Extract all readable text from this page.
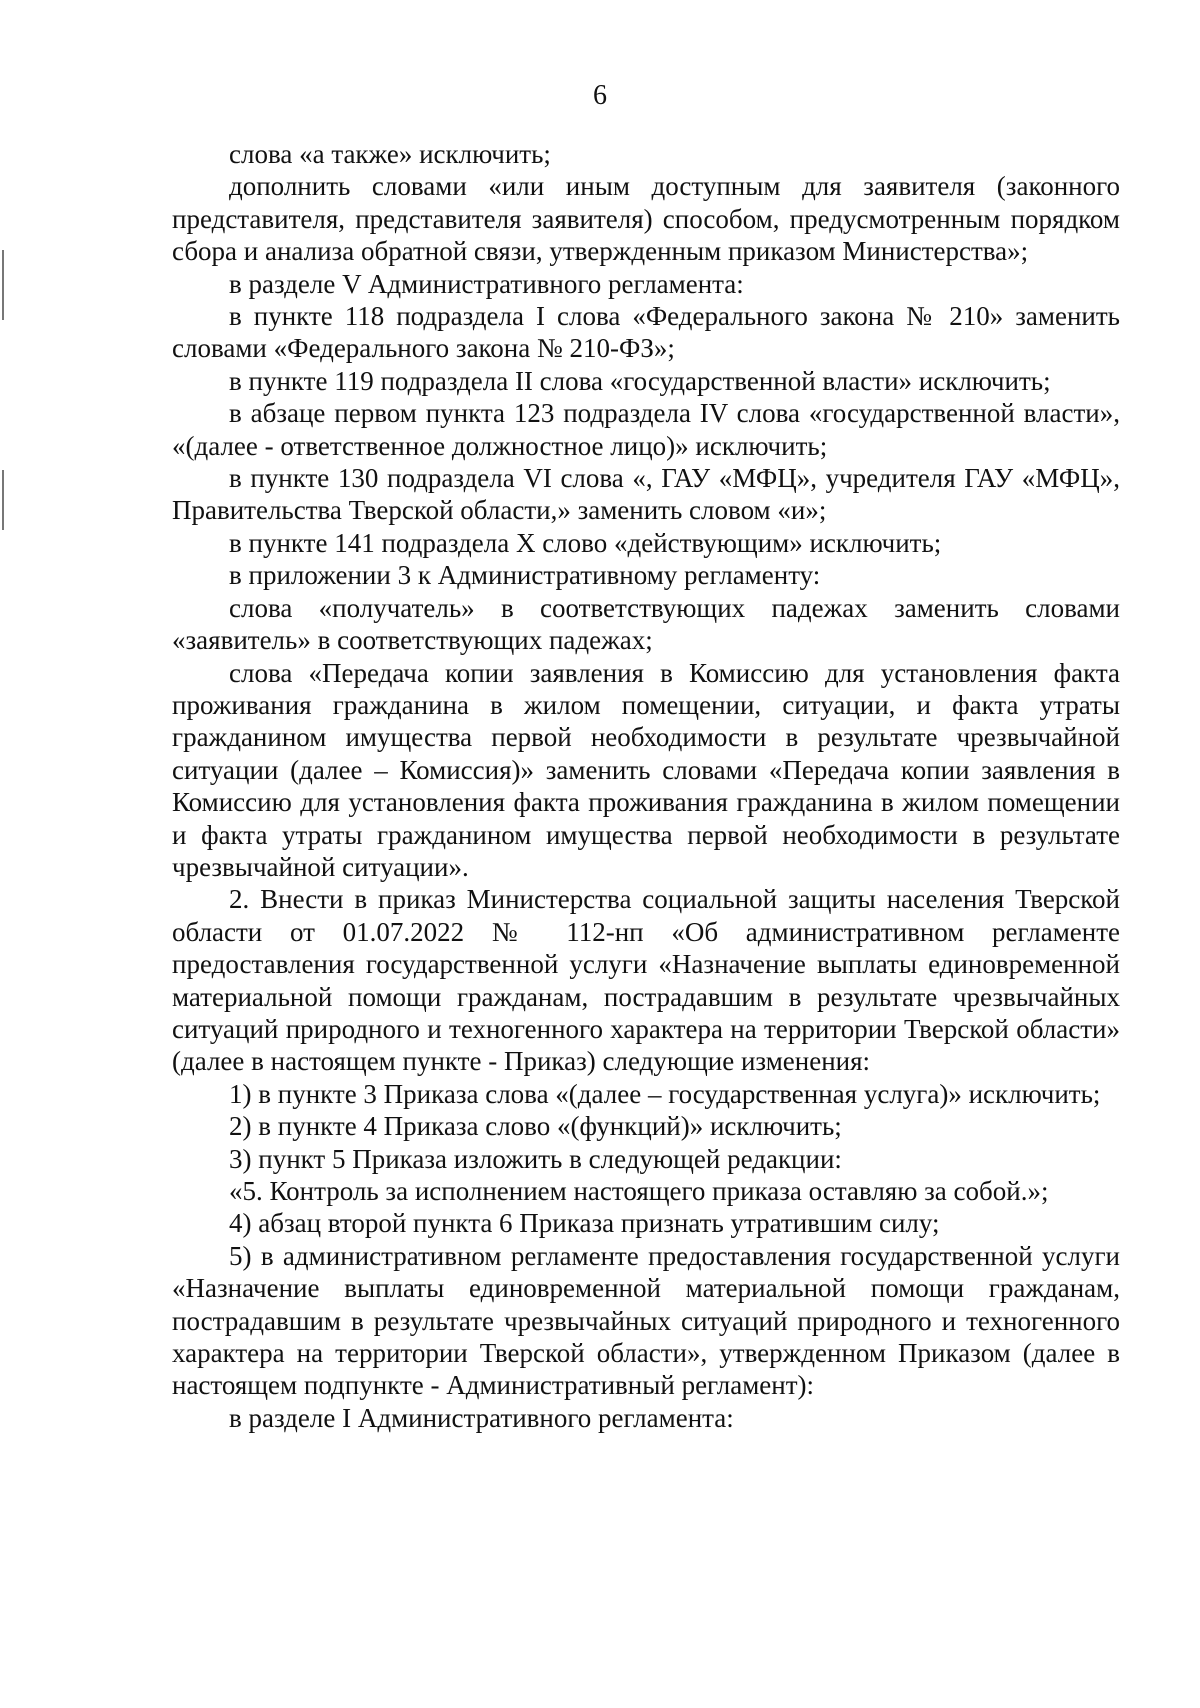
6

слова «а также» исключить;

дополнить словами «или иным доступным для заявителя (законного представителя, представителя заявителя) способом, предусмотренным порядком сбора и анализа обратной связи, утвержденным приказом Министерства»;

в разделе V Административного регламента:

в пункте 118 подраздела I слова «Федерального закона № 210» заменить словами «Федерального закона № 210-ФЗ»;

в пункте 119 подраздела II слова «государственной власти» исключить;

в абзаце первом пункта 123 подраздела IV слова «государственной власти», «(далее - ответственное должностное лицо)» исключить;

в пункте 130 подраздела VI слова «, ГАУ «МФЦ», учредителя ГАУ «МФЦ», Правительства Тверской области,» заменить словом «и»;

в пункте 141 подраздела X слово «действующим» исключить;

в приложении 3 к Административному регламенту:

слова «получатель» в соответствующих падежах заменить словами «заявитель» в соответствующих падежах;

слова «Передача копии заявления в Комиссию для установления факта проживания гражданина в жилом помещении, ситуации, и факта утраты гражданином имущества первой необходимости в результате чрезвычайной ситуации (далее – Комиссия)» заменить словами «Передача копии заявления в Комиссию для установления факта проживания гражданина в жилом помещении и факта утраты гражданином имущества первой необходимости в результате чрезвычайной ситуации».

2. Внести в приказ Министерства социальной защиты населения Тверской области от 01.07.2022 № 112-нп «Об административном регламенте предоставления государственной услуги «Назначение выплаты единовременной материальной помощи гражданам, пострадавшим в результате чрезвычайных ситуаций природного и техногенного характера на территории Тверской области» (далее в настоящем пункте - Приказ) следующие изменения:

1) в пункте 3 Приказа слова «(далее – государственная услуга)» исключить;

2) в пункте 4 Приказа слово «(функций)» исключить;

3) пункт 5 Приказа изложить в следующей редакции:

«5. Контроль за исполнением настоящего приказа оставляю за собой.»;

4) абзац второй пункта 6 Приказа признать утратившим силу;

5) в административном регламенте предоставления государственной услуги «Назначение выплаты единовременной материальной помощи гражданам, пострадавшим в результате чрезвычайных ситуаций природного и техногенного характера на территории Тверской области», утвержденном Приказом (далее в настоящем подпункте - Административный регламент):

в разделе I Административного регламента:
